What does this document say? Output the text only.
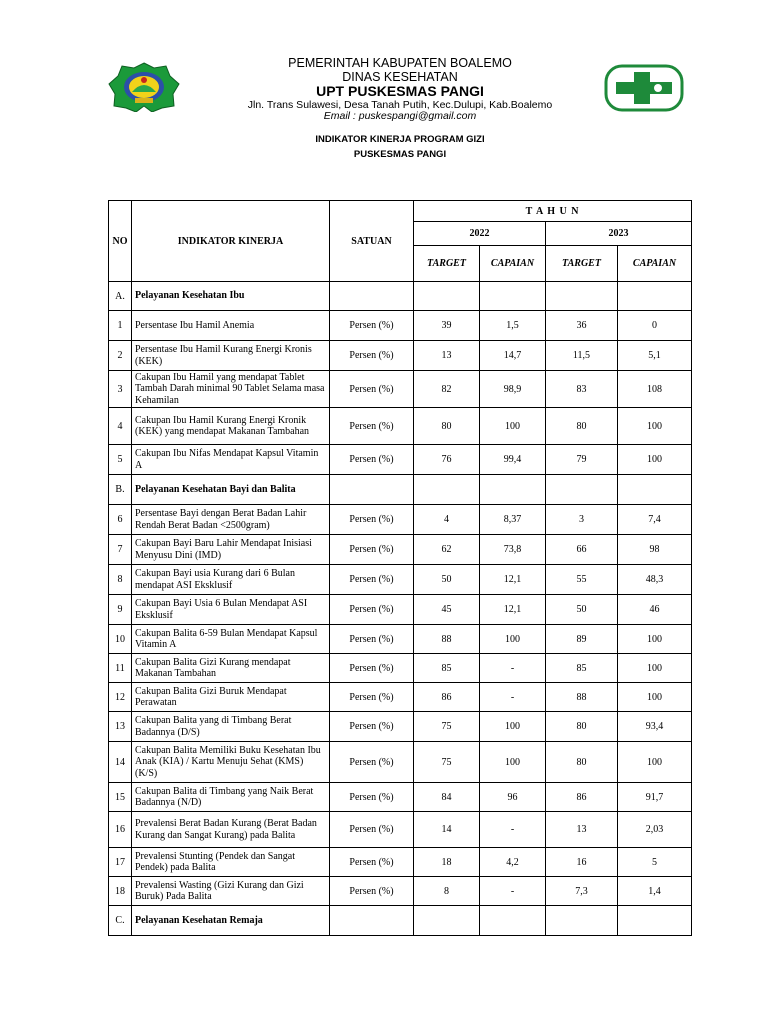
PEMERINTAH KABUPATEN BOALEMO
DINAS KESEHATAN
UPT PUSKESMAS PANGI
Jln. Trans Sulawesi, Desa Tanah Putih, Kec.Dulupi, Kab.Boalemo
Email : puskespangi@gmail.com
INDIKATOR KINERJA PROGRAM GIZI
PUSKESMAS PANGI
NO	INDIKATOR KINERJA	SATUAN	T A H U N			
			2022		2023	
			TARGET	CAPAIAN	TARGET	CAPAIAN
A.	Pelayanan Kesehatan Ibu					
1	Persentase Ibu Hamil Anemia	Persen (%)	39	1,5	36	0
2	Persentase Ibu Hamil Kurang Energi Kronis (KEK)	Persen (%)	13	14,7	11,5	5,1
3	Cakupan Ibu Hamil yang mendapat Tablet Tambah Darah minimal 90 Tablet Selama masa Kehamilan	Persen (%)	82	98,9	83	108
4	Cakupan Ibu Hamil Kurang Energi Kronik (KEK) yang mendapat Makanan Tambahan	Persen (%)	80	100	80	100
5	Cakupan Ibu Nifas Mendapat Kapsul Vitamin A	Persen (%)	76	99,4	79	100
B.	Pelayanan Kesehatan Bayi dan Balita					
6	Persentase Bayi dengan Berat Badan Lahir Rendah Berat Badan <2500gram)	Persen (%)	4	8,37	3	7,4
7	Cakupan Bayi Baru Lahir Mendapat Inisiasi Menyusu Dini (IMD)	Persen (%)	62	73,8	66	98
8	Cakupan Bayi usia Kurang dari 6 Bulan mendapat ASI Eksklusif	Persen (%)	50	12,1	55	48,3
9	Cakupan Bayi Usia 6 Bulan Mendapat ASI Eksklusif	Persen (%)	45	12,1	50	46
10	Cakupan Balita 6-59 Bulan Mendapat Kapsul Vitamin A	Persen (%)	88	100	89	100
11	Cakupan Balita Gizi Kurang mendapat Makanan Tambahan	Persen (%)	85	-	85	100
12	Cakupan Balita Gizi Buruk Mendapat Perawatan	Persen (%)	86	-	88	100
13	Cakupan Balita yang di Timbang Berat Badannya (D/S)	Persen (%)	75	100	80	93,4
14	Cakupan Balita Memiliki Buku Kesehatan Ibu Anak (KIA) / Kartu Menuju Sehat (KMS) (K/S)	Persen (%)	75	100	80	100
15	Cakupan Balita di Timbang yang Naik Berat Badannya (N/D)	Persen (%)	84	96	86	91,7
16	Prevalensi Berat Badan Kurang (Berat Badan Kurang dan Sangat Kurang) pada Balita	Persen (%)	14	-	13	2,03
17	Prevalensi Stunting (Pendek dan Sangat Pendek) pada Balita	Persen (%)	18	4,2	16	5
18	Prevalensi Wasting (Gizi Kurang dan Gizi Buruk) Pada Balita	Persen (%)	8	-	7,3	1,4
C.	Pelayanan Kesehatan Remaja					
